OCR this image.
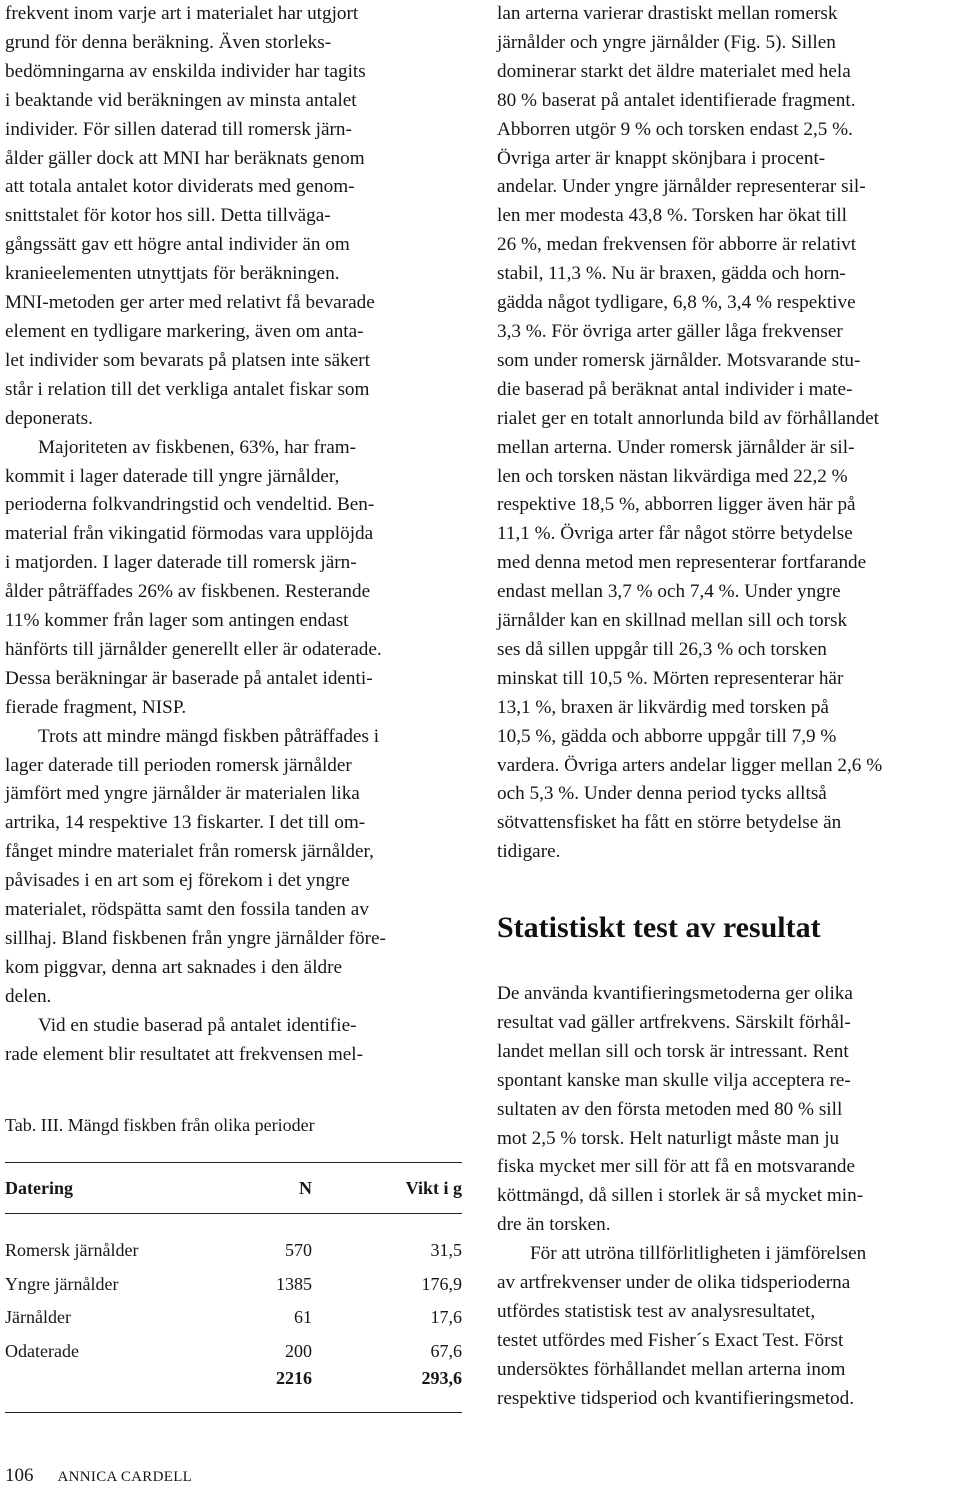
frekvent inom varje art i materialet har utgjort
grund för denna beräkning. Även storleks-
bedömningarna av enskilda individer har tagits
i beaktande vid beräkningen av minsta antalet
individer. För sillen daterad till romersk järn-
ålder gäller dock att MNI har beräknats genom
att totala antalet kotor dividerats med genom-
snittstalet för kotor hos sill. Detta tillväga-
gångssätt gav ett högre antal individer än om
kranieelementen utnyttjats för beräkningen.
MNI-metoden ger arter med relativt få bevarade
element en tydligare markering, även om anta-
let individer som bevarats på platsen inte säkert
står i relation till det verkliga antalet fiskar som
deponerats.

Majoriteten av fiskbenen, 63%, har fram-
kommit i lager daterade till yngre järnålder,
perioderna folkvandringstid och vendeltid. Ben-
material från vikingatid förmodas vara upplöjda
i matjorden. I lager daterade till romersk järn-
ålder påträffades 26% av fiskbenen. Resterande
11% kommer från lager som antingen endast
hänförts till järnålder generellt eller är odaterade.
Dessa beräkningar är baserade på antalet identi-
fierade fragment, NISP.

Trots att mindre mängd fiskben påträffades i
lager daterade till perioden romersk järnålder
jämfört med yngre järnålder är materialen lika
artrika, 14 respektive 13 fiskarter. I det till om-
fånget mindre materialet från romersk järnålder,
påvisades i en art som ej förekom i det yngre
materialet, rödspätta samt den fossila tanden av
sillhaj. Bland fiskbenen från yngre järnålder före-
kom piggvar, denna art saknades i den äldre
delen.

Vid en studie baserad på antalet identifie-
rade element blir resultatet att frekvensen mel-

lan arterna varierar drastiskt mellan romersk
järnålder och yngre järnålder (Fig. 5). Sillen
dominerar starkt det äldre materialet med hela
80 % baserat på antalet identifierade fragment.
Abborren utgör 9 % och torsken endast 2,5 %.
Övriga arter är knappt skönjbara i procent-
andelar. Under yngre järnålder representerar sil-
len mer modesta 43,8 %. Torsken har ökat till
26 %, medan frekvensen för abborre är relativt
stabil, 11,3 %. Nu är braxen, gädda och horn-
gädda något tydligare, 6,8 %, 3,4 % respektive
3,3 %. För övriga arter gäller låga frekvenser
som under romersk järnålder. Motsvarande stu-
die baserad på beräknat antal individer i mate-
rialet ger en totalt annorlunda bild av förhållandet
mellan arterna. Under romersk järnålder är sil-
len och torsken nästan likvärdiga med 22,2 %
respektive 18,5 %, abborren ligger även här på
11,1 %. Övriga arter får något större betydelse
med denna metod men representerar fortfarande
endast mellan 3,7 % och 7,4 %. Under yngre
järnålder kan en skillnad mellan sill och torsk
ses då sillen uppgår till 26,3 % och torsken
minskat till 10,5 %. Mörten representerar här
13,1 %, braxen är likvärdig med torsken på
10,5 %, gädda och abborre uppgår till 7,9 %
vardera. Övriga arters andelar ligger mellan 2,6 %
och 5,3 %. Under denna period tycks alltså
sötvattensfisket ha fått en större betydelse än
tidigare.

Statistiskt test av resultat

De använda kvantifieringsmetoderna ger olika
resultat vad gäller artfrekvens. Särskilt förhål-
landet mellan sill och torsk är intressant. Rent
spontant kanske man skulle vilja acceptera re-
sultaten av den första metoden med 80 % sill
mot 2,5 % torsk. Helt naturligt måste man ju
fiska mycket mer sill för att få en motsvarande
köttmängd, då sillen i storlek är så mycket min-
dre än torsken.

För att utröna tillförlitligheten i jämförelsen
av artfrekvenser under de olika tidsperioderna
utfördes statistisk test av analysresultatet,
testet utfördes med Fisher´s Exact Test. Först
undersöktes förhållandet mellan arterna inom
respektive tidsperiod och kvantifieringsmetod.

Tab. III. Mängd fiskben från olika perioder
Datering	N	Vikt i g

Romersk järnålder	570	31,5
Yngre järnålder	1385	176,9
Järnålder	61	17,6
Odaterade	200	67,6
	2216	293,6
106 ANNICA CARDELL
